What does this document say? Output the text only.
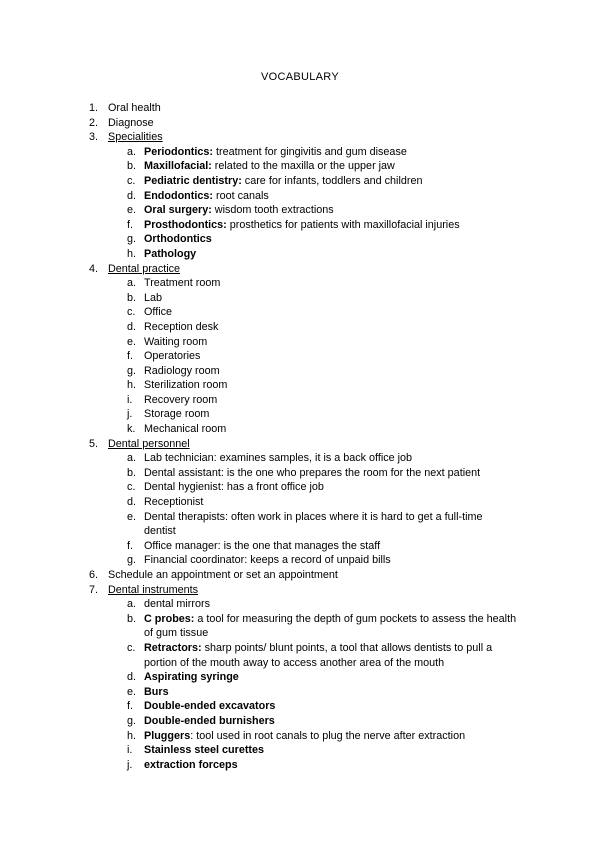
VOCABULARY
1. Oral health
2. Diagnose
3. Specialities
a. Periodontics: treatment for gingivitis and gum disease
b. Maxillofacial: related to the maxilla or the upper jaw
c. Pediatric dentistry: care for infants, toddlers and children
d. Endodontics: root canals
e. Oral surgery: wisdom tooth extractions
f. Prosthodontics: prosthetics for patients with maxillofacial injuries
g. Orthodontics
h. Pathology
4. Dental practice
a. Treatment room
b. Lab
c. Office
d. Reception desk
e. Waiting room
f. Operatories
g. Radiology room
h. Sterilization room
i. Recovery room
j. Storage room
k. Mechanical room
5. Dental personnel
a. Lab technician: examines samples, it is a back office job
b. Dental assistant: is the one who prepares the room for the next patient
c. Dental hygienist: has a front office job
d. Receptionist
e. Dental therapists: often work in places where it is hard to get a full-time
dentist
f. Office manager: is the one that manages the staff
g. Financial coordinator: keeps a record of unpaid bills
6. Schedule an appointment or set an appointment
7. Dental instruments
a. dental mirrors
b. C probes: a tool for measuring the depth of gum pockets to assess the health
of gum tissue
c. Retractors: sharp points/ blunt points, a tool that allows dentists to pull a
portion of the mouth away to access another area of the mouth
d. Aspirating syringe
e. Burs
f. Double-ended excavators
g. Double-ended burnishers
h. Pluggers: tool used in root canals to plug the nerve after extraction
i. Stainless steel curettes
j. extraction forceps
